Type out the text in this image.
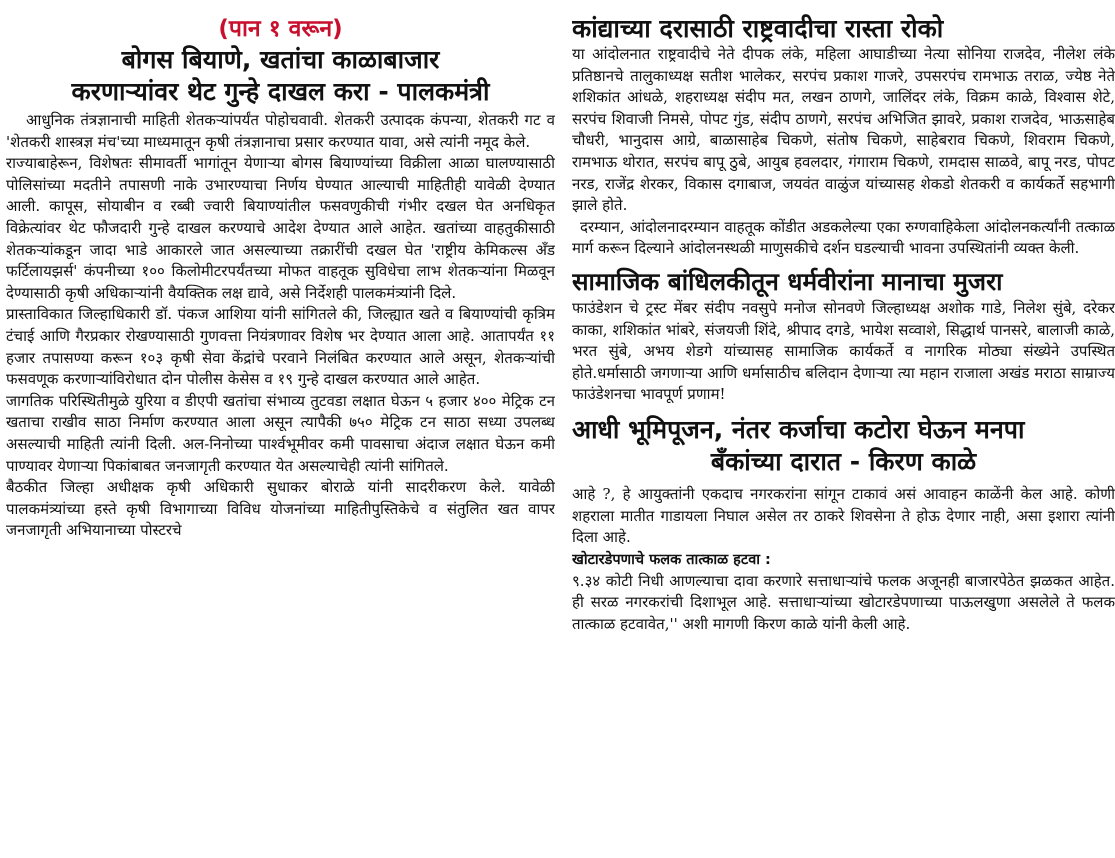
(पान १ वरून)
बोगस बियाणे, खतांचा काळाबाजार
करणाऱ्यांवर थेट गुन्हे दाखल करा - पालकमंत्री

आधुनिक तंत्रज्ञानाची माहिती शेतकऱ्यांपर्यंत पोहोचवावी. शेतकरी उत्पादक कंपन्या, शेतकरी गट व 'शेतकरी शास्त्रज्ञ मंच'च्या माध्यमातून कृषी तंत्रज्ञानाचा प्रसार करण्यात यावा, असे त्यांनी नमूद केले.

राज्याबाहेरून, विशेषतः सीमावर्ती भागांतून येणाऱ्या बोगस बियाण्यांच्या विक्रीला आळा घालण्यासाठी पोलिसांच्या मदतीने तपासणी नाके उभारण्याचा निर्णय घेण्यात आल्याची माहितीही यावेळी देण्यात आली. कापूस, सोयाबीन व रब्बी ज्वारी बियाण्यांतील फसवणुकीची गंभीर दखल घेत अनधिकृत विक्रेत्यांवर थेट फौजदारी गुन्हे दाखल करण्याचे आदेश देण्यात आले आहेत. खतांच्या वाहतुकीसाठी शेतकऱ्यांकडून जादा भाडे आकारले जात असल्याच्या तक्रारींची दखल घेत 'राष्ट्रीय केमिकल्स अँड फर्टिलायझर्स' कंपनीच्या १०० किलोमीटरपर्यंतच्या मोफत वाहतूक सुविधेचा लाभ शेतकऱ्यांना मिळवून देण्यासाठी कृषी अधिकाऱ्यांनी वैयक्तिक लक्ष द्यावे, असे निर्देशही पालकमंत्र्यांनी दिले.

प्रास्ताविकात जिल्हाधिकारी डॉ. पंकज आशिया यांनी सांगितले की, जिल्ह्यात खते व बियाण्यांची कृत्रिम टंचाई आणि गैरप्रकार रोखण्यासाठी गुणवत्ता नियंत्रणावर विशेष भर देण्यात आला आहे. आतापर्यंत ११ हजार तपासण्या करून १०३ कृषी सेवा केंद्रांचे परवाने निलंबित करण्यात आले असून, शेतकऱ्यांची फसवणूक करणाऱ्यांविरोधात दोन पोलीस केसेस व १९ गुन्हे दाखल करण्यात आले आहेत.

जागतिक परिस्थितीमुळे युरिया व डीएपी खतांचा संभाव्य तुटवडा लक्षात घेऊन ५ हजार ४०० मेट्रिक टन खताचा राखीव साठा निर्माण करण्यात आला असून त्यापैकी ७५० मेट्रिक टन साठा सध्या उपलब्ध असल्याची माहिती त्यांनी दिली. अल-निनोच्या पार्श्वभूमीवर कमी पावसाचा अंदाज लक्षात घेऊन कमी पाण्यावर येणाऱ्या पिकांबाबत जनजागृती करण्यात येत असल्याचेही त्यांनी सांगितले.

बैठकीत जिल्हा अधीक्षक कृषी अधिकारी सुधाकर बोराळे यांनी सादरीकरण केले. यावेळी पालकमंत्र्यांच्या हस्ते कृषी विभागाच्या विविध योजनांच्या माहितीपुस्तिकेचे व संतुलित खत वापर जनजागृती अभियानाच्या पोस्टरचे

कांद्याच्या दरासाठी राष्ट्रवादीचा रास्ता रोको

या आंदोलनात राष्ट्रवादीचे नेते दीपक लंके, महिला आघाडीच्या नेत्या सोनिया राजदेव, नीलेश लंके प्रतिष्ठानचे तालुकाध्यक्ष सतीश भालेकर, सरपंच प्रकाश गाजरे, उपसरपंच रामभाऊ तराळ, ज्येष्ठ नेते शशिकांत आंधळे, शहराध्यक्ष संदीप मत, लखन ठाणगे, जालिंदर लंके, विक्रम काळे, विश्वास शेटे, सरपंच शिवाजी निमसे, पोपट गुंड, संदीप ठाणगे, सरपंच अभिजित झावरे, प्रकाश राजदेव, भाऊसाहेब चौधरी, भानुदास आग्रे, बाळासाहेब चिकणे, संतोष चिकणे, साहेबराव चिकणे, शिवराम चिकणे, रामभाऊ थोरात, सरपंच बापू ठुबे, आयुब हवलदार, गंगाराम चिकणे, रामदास साळवे, बापू नरड, पोपट नरड, राजेंद्र शेरकर, विकास दगाबाज, जयवंत वाळुंज यांच्यासह शेकडो शेतकरी व कार्यकर्ते सहभागी झाले होते.

दरम्यान, आंदोलनादरम्यान वाहतूक कोंडीत अडकलेल्या एका रुग्णवाहिकेला आंदोलनकर्त्यांनी तत्काळ मार्ग करून दिल्याने आंदोलनस्थळी माणुसकीचे दर्शन घडल्याची भावना उपस्थितांनी व्यक्त केली.

सामाजिक बांधिलकीतून धर्मवीरांना मानाचा मुजरा

फाउंडेशन चे ट्रस्ट मेंबर संदीप नवसुपे मनोज सोनवणे जिल्हाध्यक्ष अशोक गाडे, निलेश सुंबे, दरेकर काका, शशिकांत भांबरे, संजयजी शिंदे, श्रीपाद दगडे, भायेश सव्वाशे, सिद्धार्थ पानसरे, बालाजी काळे, भरत सुंबे, अभय शेडगे यांच्यासह सामाजिक कार्यकर्ते व नागरिक मोठ्या संख्येने उपस्थित होते.धर्मासाठी जगणाऱ्या आणि धर्मासाठीच बलिदान देणाऱ्या त्या महान राजाला अखंड मराठा साम्राज्य फाउंडेशनचा भावपूर्ण प्रणाम!

आधी भूमिपूजन, नंतर कर्जाचा कटोरा घेऊन मनपा
बँकांच्या दारात - किरण काळे

आहे ?, हे आयुक्तांनी एकदाच नगरकरांना सांगून टाकावं असं आवाहन काळेंनी केल आहे. कोणी शहराला मातीत गाडायला निघाल असेल तर ठाकरे शिवसेना ते होऊ देणार नाही, असा इशारा त्यांनी दिला आहे.

खोटारडेपणाचे फलक तात्काळ हटवा :

९.३४ कोटी निधी आणल्याचा दावा करणारे सत्ताधाऱ्यांचे फलक अजूनही बाजारपेठेत झळकत आहेत. ही सरळ नगरकरांची दिशाभूल आहे. सत्ताधाऱ्यांच्या खोटारडेपणाच्या पाऊलखुणा असलेले ते फलक तात्काळ हटवावेत,'' अशी मागणी किरण काळे यांनी केली आहे.
